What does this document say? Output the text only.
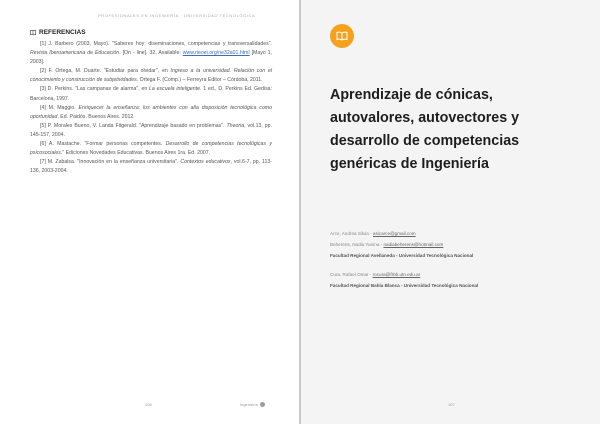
PROFESIONALES EN INGENIERÍA · UNIVERSIDAD TECNOLÓGICA
REFERENCIAS

[1] J. Barbero (2003, Mayo). "Saberes hoy: diseminaciones, competencias y transversalidades". Revista Iberoamericana de Educación. [On - line]. 32. Available: www.rieoei.org/rie32a01.html [Mayo 1, 2003].

[2] F. Ortega, M. Duarte. "Estudiar para olvidar", en Ingreso a la universidad. Relación con el conocimiento y construcción de subjetividades. Ortega F. (Comp.) – Ferreyra Editor – Córdoba, 2011.

[3] D. Perkins. "Las campanas de alarma", en La escuela inteligente. 1 ed., D. Perkins Ed. Gedisa: Barcelona, 1997.

[4] M. Maggio. Enriquecer la enseñanza: los ambientes con alta disposición tecnológica como oportunidad. Ed. Paidós. Buenos Aires. 2012.

[5] P. Morales Bueno, V. Landa Fitgerald. "Aprendizaje basado en problemas". Theoria, vol.13, pp. 145-157, 2004.

[6] A. Mastache. "Formar personas competentes. Desarrollo de competencias tecnológicas y psicosociales." Ediciones Novedades Educativas. Buenos Aires 1ra. Ed. 2007.

[7] M. Zabalsa. "Innovación en la enseñanza universitaria". Contextos educativos, vol.6-7, pp. 113-136, 2003-2004.

106	Ingeniería
Aprendizaje de cónicas, autovalores, autovectores y desarrollo de competencias genéricas de Ingeniería

Arce, Andrea Silvia - asicarce@gmail.com

Beherens, Nadia Yanina - nadiabeherens@hotmail.com

Facultad Regional Avellaneda - Universidad Tecnológica Nacional

Cura, Rafael Omar - rocura@frbb.utn.edu.ar

Facultad Regional Bahía Blanca - Universidad Tecnológica Nacional

107
